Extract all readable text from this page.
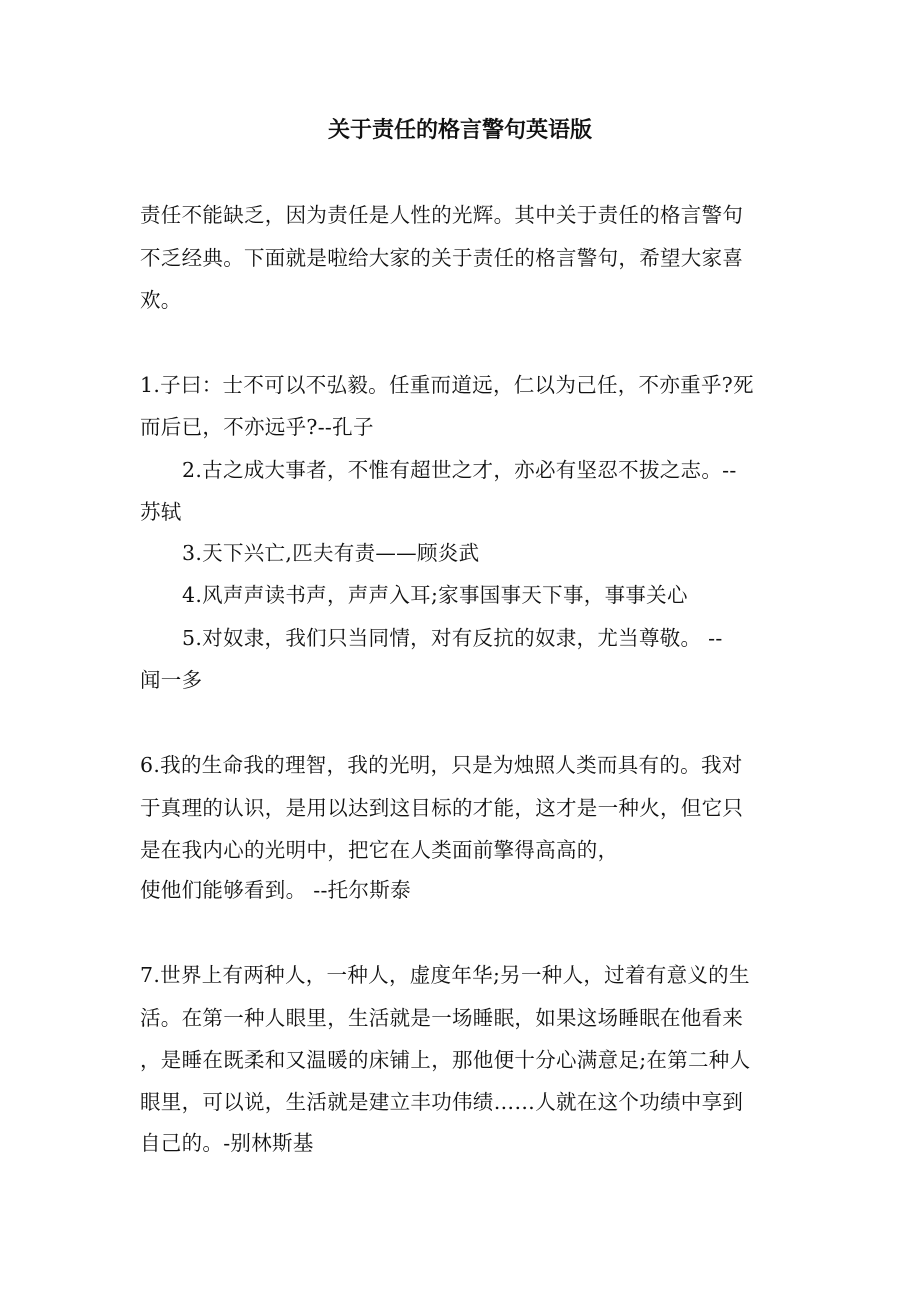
关于责任的格言警句英语版
责任不能缺乏，因为责任是人性的光辉。其中关于责任的格言警句
不乏经典。下面就是啦给大家的关于责任的格言警句，希望大家喜
欢。
1.子曰：士不可以不弘毅。任重而道远，仁以为己任，不亦重乎?死
而后已，不亦远乎?--孔子
2.古之成大事者，不惟有超世之才，亦必有坚忍不拔之志。--
苏轼
3.天下兴亡,匹夫有责——顾炎武
4.风声声读书声，声声入耳;家事国事天下事，事事关心
5.对奴隶，我们只当同情，对有反抗的奴隶，尤当尊敬。 --
闻一多
6.我的生命我的理智，我的光明，只是为烛照人类而具有的。我对
于真理的认识，是用以达到这目标的才能，这才是一种火，但它只
是在我内心的光明中，把它在人类面前擎得高高的，
使他们能够看到。 --托尔斯泰
7.世界上有两种人，一种人，虚度年华;另一种人，过着有意义的生
活。在第一种人眼里，生活就是一场睡眠，如果这场睡眠在他看来
，是睡在既柔和又温暖的床铺上，那他便十分心满意足;在第二种人
眼里，可以说，生活就是建立丰功伟绩……人就在这个功绩中享到
自己的。-别林斯基
